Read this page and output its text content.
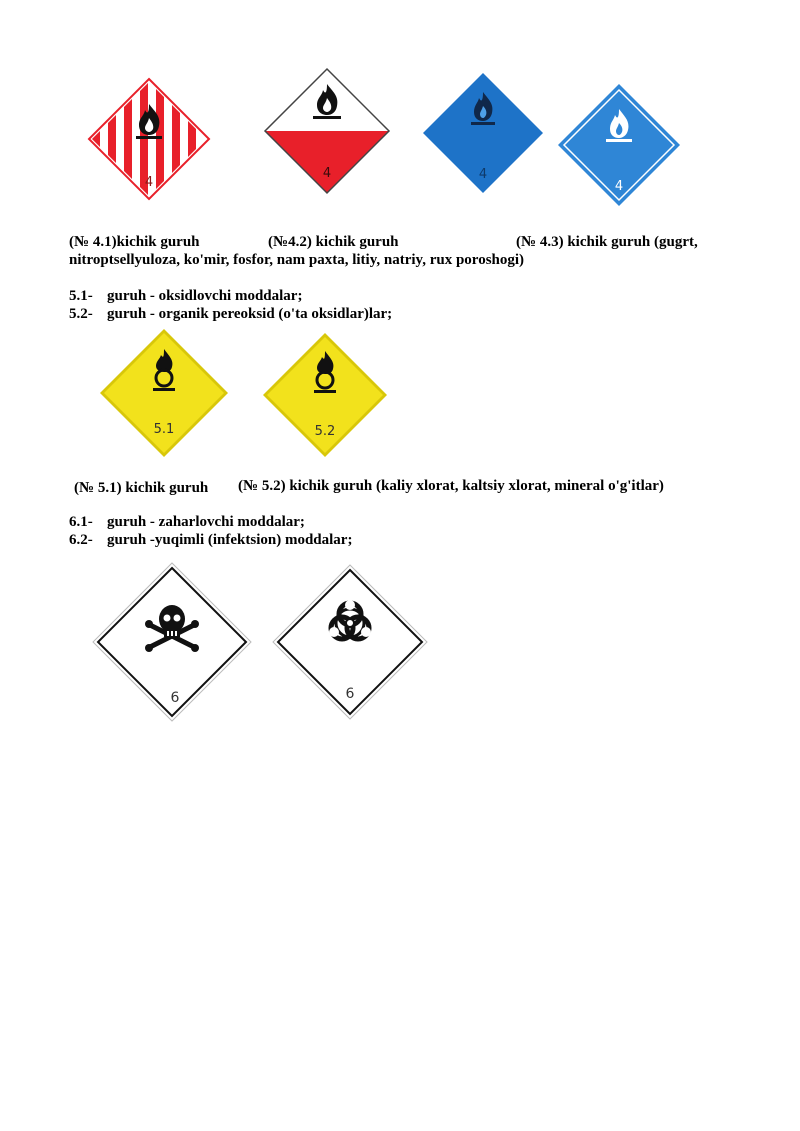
4
4	4
4
(№ 4.1)kichik guruh	(№4.2) kichik guruh	(№ 4.3) kichik guruh (gugrt,
nitroptsellyuloza, ko'mir, fosfor, nam paxta, litiy, natriy, rux poroshogi)
5.1- guruh - oksidlovchi moddalar;
5.2- guruh - organik pereoksid (o'ta oksidlar)lar;
5.1	5.2
(№ 5.1) kichik guruh (№ 5.2) kichik guruh (kaliy xlorat, kaltsiy xlorat, mineral o'g'itlar)
6.1- guruh - zaharlovchi moddalar;
6.2- guruh -yuqimli (infektsion) moddalar;
6	6
